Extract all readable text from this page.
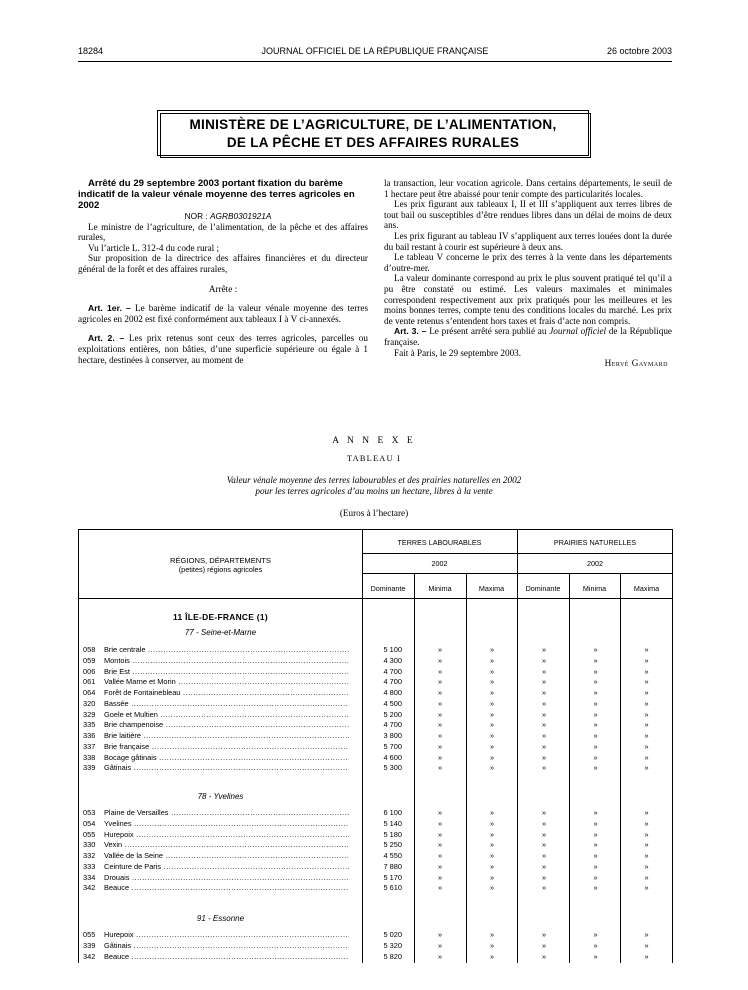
18284	JOURNAL OFFICIEL DE LA RÉPUBLIQUE FRANÇAISE	26 octobre 2003
MINISTÈRE DE L’AGRICULTURE, DE L’ALIMENTATION,
DE LA PÊCHE ET DES AFFAIRES RURALES

Arrêté du 29 septembre 2003 portant fixation du barème indicatif de la valeur vénale moyenne des terres agricoles en 2002

NOR : AGRB0301921A

Le ministre de l’agriculture, de l’alimentation, de la pêche et des affaires rurales,

Vu l’article L. 312-4 du code rural ;

Sur proposition de la directrice des affaires financières et du directeur général de la forêt et des affaires rurales,

Arrête :

Art. 1er. – Le barème indicatif de la valeur vénale moyenne des terres agricoles en 2002 est fixé conformément aux tableaux I à V ci-annexés.

Art. 2. – Les prix retenus sont ceux des terres agricoles, parcelles ou exploitations entières, non bâties, d’une superficie supérieure ou égale à 1 hectare, destinées à conserver, au moment de

la transaction, leur vocation agricole. Dans certains départements, le seuil de 1 hectare peut être abaissé pour tenir compte des particularités locales.

Les prix figurant aux tableaux I, II et III s’appliquent aux terres libres de tout bail ou susceptibles d’être rendues libres dans un délai de moins de deux ans.

Les prix figurant au tableau IV s’appliquent aux terres louées dont la durée du bail restant à courir est supérieure à deux ans.

Le tableau V concerne le prix des terres à la vente dans les départements d’outre-mer.

La valeur dominante correspond au prix le plus souvent pratiqué tel qu’il a pu être constaté ou estimé. Les valeurs maximales et minimales correspondent respectivement aux prix pratiqués pour les meilleures et les moins bonnes terres, compte tenu des conditions locales du marché. Les prix de vente retenus s’entendent hors taxes et frais d’acte non compris.

Art. 3. – Le présent arrêté sera publié au Journal officiel de la République française.

Fait à Paris, le 29 septembre 2003.

Hervé Gaymard

A N N E X E
TABLEAU I
Valeur vénale moyenne des terres labourables et des prairies naturelles en 2002
pour les terres agricoles d’au moins un hectare, libres à la vente
(Euros à l’hectare)
RÉGIONS, DÉPARTEMENTS
(petites) régions agricoles
TERRES LABOURABLES	PRAIRIES NATURELLES
2002	2002
Dominante	Minima	Maxima	Dominante	Minima	Maxima
11 ÎLE-DE-FRANCE (1)
77 - Seine-et-Marne
058	Brie centrale .....	5 100	»	»	»	»	»
059	Montois .....	4 300	»	»	»	»	»
006	Brie Est .....	4 700	»	»	»	»	»
061	Vallée Marne et Morin .....	4 700	»	»	»	»	»
064	Forêt de Fontainebleau .....	4 800	»	»	»	»	»
320	Bassée .....	4 500	»	»	»	»	»
329	Goele et Multien .....	5 200	»	»	»	»	»
335	Brie champenoise .....	4 700	»	»	»	»	»
336	Brie laitière .....	3 800	»	»	»	»	»
337	Brie française .....	5 700	»	»	»	»	»
338	Bocage gâtinais .....	4 600	»	»	»	»	»
339	Gâtinais .....	5 300	»	»	»	»	»
78 - Yvelines
053	Plaine de Versailles .....	6 100	»	»	»	»	»
054	Yvelines .....	5 140	»	»	»	»	»
055	Hurepoix .....	5 180	»	»	»	»	»
330	Vexin .....	5 250	»	»	»	»	»
332	Vallée de la Seine .....	4 550	»	»	»	»	»
333	Ceinture de Paris .....	7 880	»	»	»	»	»
334	Drouais .....	5 170	»	»	»	»	»
342	Beauce .....	5 610	»	»	»	»	»
91 - Essonne
055	Hurepoix .....	5 020	»	»	»	»	»
339	Gâtinais .....	5 320	»	»	»	»	»
342	Beauce .....	5 820	»	»	»	»	»
